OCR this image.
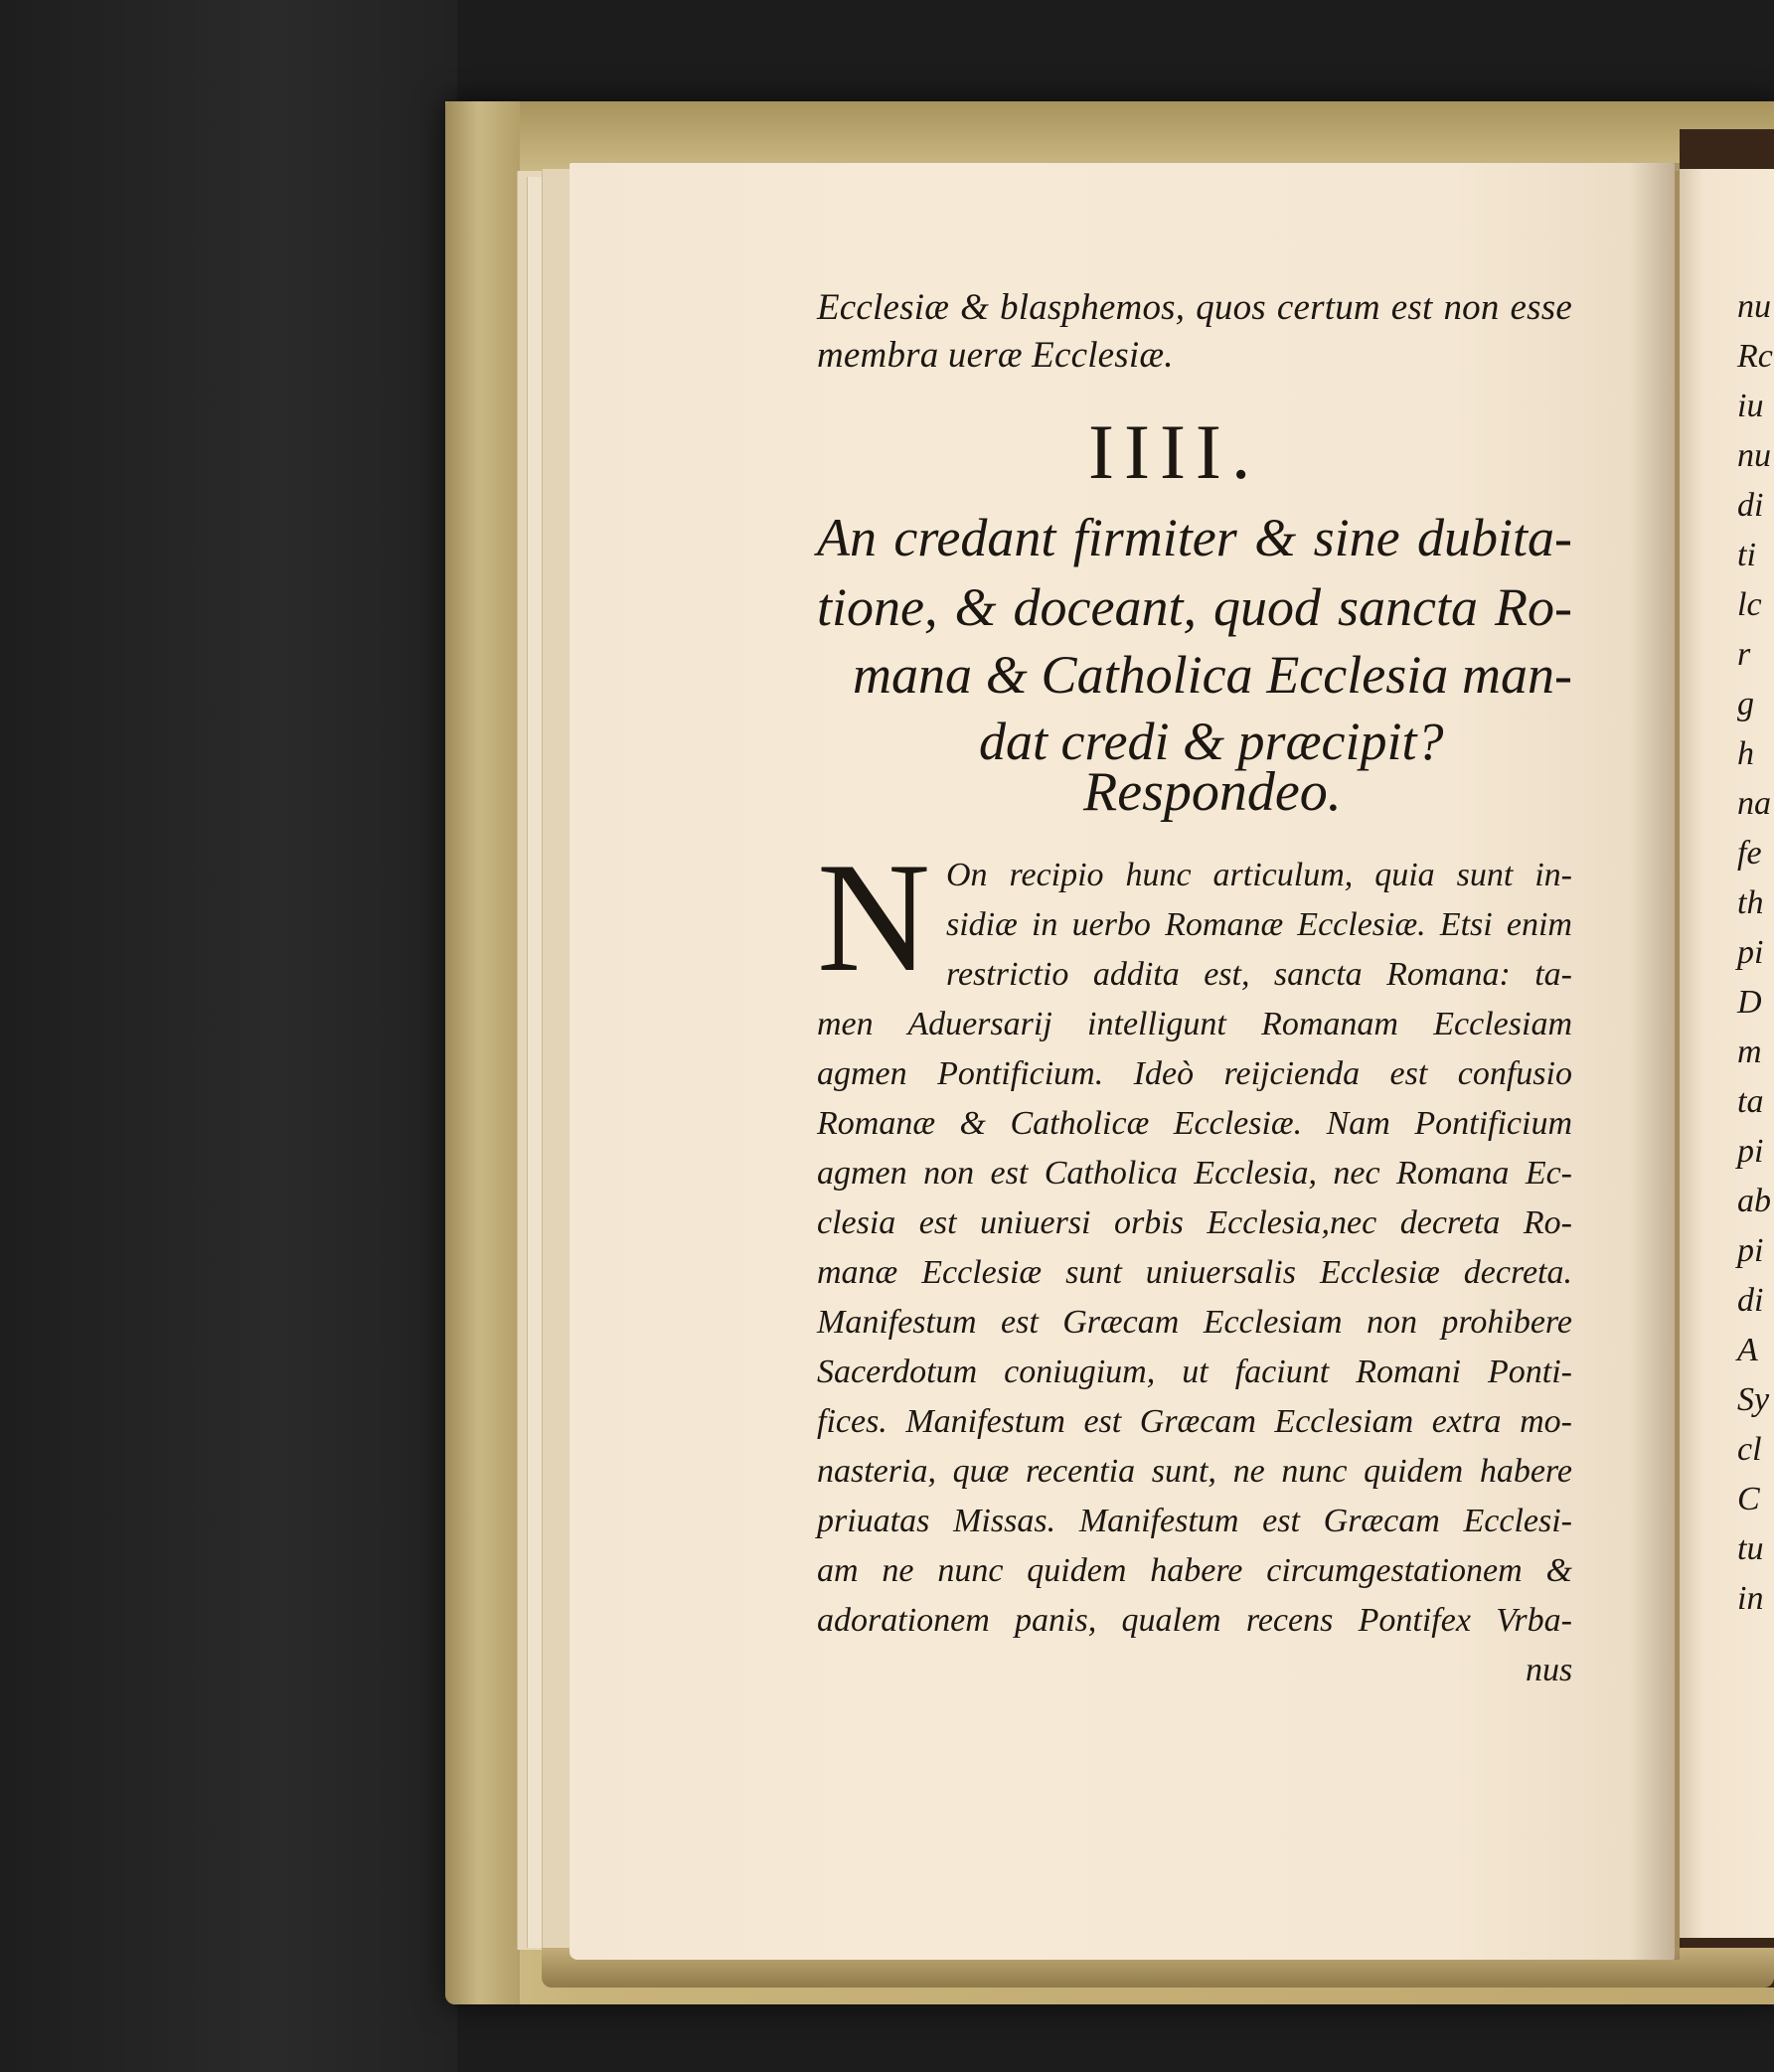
Ecclesiæ & blasphemos, quos certum est non esse
membra ueræ Ecclesiæ.
IIII.
An credant firmiter & sine dubita-
tione, & doceant, quod sancta Ro-
mana & Catholica Ecclesia man-
dat credi & præcipit?
Respondeo.
N On recipio hunc articulum, quia sunt in-
sidiæ in uerbo Romanæ Ecclesiæ. Etsi enim
restrictio addita est, sancta Romana: ta-
men Aduersarij intelligunt Romanam Ecclesiam
agmen Pontificium. Ideò reijcienda est confusio
Romanæ & Catholicæ Ecclesiæ. Nam Pontificium
agmen non est Catholica Ecclesia, nec Romana Ec-
clesia est uniuersi orbis Ecclesia,nec decreta Ro-
manæ Ecclesiæ sunt uniuersalis Ecclesiæ decreta.
Manifestum est Græcam Ecclesiam non prohibere
Sacerdotum coniugium, ut faciunt Romani Ponti-
fices. Manifestum est Græcam Ecclesiam extra mo-
nasteria, quæ recentia sunt, ne nunc quidem habere
priuatas Missas. Manifestum est Græcam Ecclesi-
am ne nunc quidem habere circumgestationem &
adorationem panis, qualem recens Pontifex Vrba-
nus
nu
Rc
iu
nu
di
ti
lc
r
g
h
na
fe
th
pi
D
m
ta
pi
ab
pi
di
A
Sy
cl
C
tu
in
